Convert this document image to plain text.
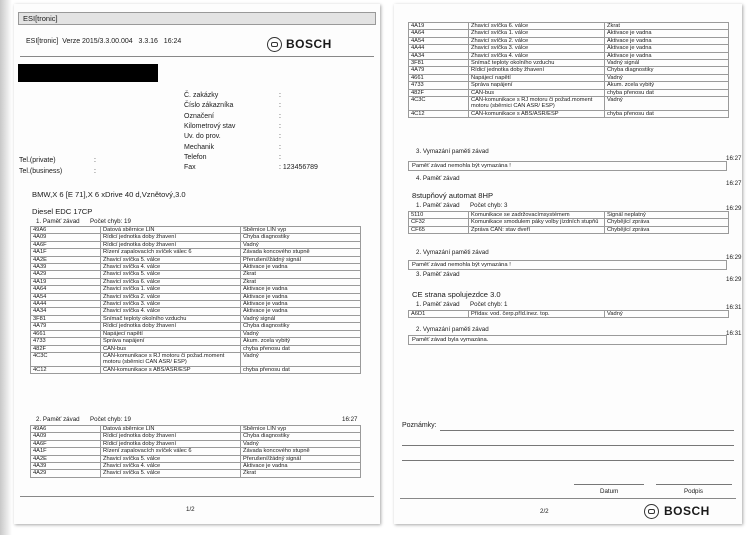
ESI[tronic]
ESI[tronic] Verze 2015/3.3.00.004 3.3.16 16:24	BOSCH
Č. zakázky	:
Číslo zákazníka	:
Označení	:
Kilometrový stav	:
Uv. do prov.	:
Mechanik	:
Telefon	:
Fax	: 123456789
Tel.(private)	:
Tel.(business)	:
BMW,X 6 [E 71],X 6 xDrive 40 d,Vznětový,3.0
Diesel EDC 17CP
1. Paměť závad Počet chyb: 19
49A6	Datová sběrnice LIN	Sběrnice LIN vyp
4A09	Řídicí jednotka doby žhavení	Chyba diagnostiky
4A6F	Řídicí jednotka doby žhavení	Vadný
4A1F	Řízení zapalovacích svíček válec 6	Závada koncového stupně
4A2E	Žhavicí svíčka 5. válce	Přerušení/žádný signál
4A39	Žhavicí svíčka 4. válce	Aktivace je vadna
4A29	Žhavicí svíčka 5. válce	Zkrat
4A19	Žhavicí svíčka 6. válce	Zkrat
4A64	Žhavicí svíčka 1. válce	Aktivace je vadna
4A54	Žhavicí svíčka 2. válce	Aktivace je vadna
4A44	Žhavicí svíčka 3. válce	Aktivace je vadna
4A34	Žhavicí svíčka 4. válce	Aktivace je vadna
3F81	Snímač teploty okolního vzduchu	Vadný signál
4A79	Řídicí jednotka doby žhavení	Chyba diagnostiky
4661	Napájecí napětí	Vadný
4733	Správa napájení	Akum. zcela vybitý
482F	CAN-bus	chyba přenosu dat
4C3C	CAN-komunikace s ŘJ motoru či požad.moment motoru (sběrnici CAN ASR/ ESP)	Vadný
4C12	CAN-komunikace s ABS/ASR/ESP	chyba přenosu dat
2. Paměť závad Počet chyb: 19	16:27
49A6	Datová sběrnice LIN	Sběrnice LIN vyp
4A09	Řídicí jednotka doby žhavení	Chyba diagnostiky
4A6F	Řídicí jednotka doby žhavení	Vadný
4A1F	Řízení zapalovacích svíček válec 6	Závada koncového stupně
4A2E	Žhavicí svíčka 5. válce	Přerušení/žádný signál
4A39	Žhavicí svíčka 4. válce	Aktivace je vadna
4A29	Žhavicí svíčka 5. válce	Zkrat
1/2
4A19	Žhavicí svíčka 6. válce	Zkrat
4A64	Žhavicí svíčka 1. válce	Aktivace je vadna
4A54	Žhavicí svíčka 2. válce	Aktivace je vadna
4A44	Žhavicí svíčka 3. válce	Aktivace je vadna
4A34	Žhavicí svíčka 4. válce	Aktivace je vadna
3F81	Snímač teploty okolního vzduchu	Vadný signál
4A79	Řídicí jednotka doby žhavení	Chyba diagnostiky
4661	Napájecí napětí	Vadný
4733	Správa napájení	Akum. zcela vybitý
482F	CAN-bus	chyba přenosu dat
4C3C	CAN-komunikace s ŘJ motoru či požad.moment motoru (sběrnici CAN ASR/ ESP)	Vadný
4C12	CAN-komunikace s ABS/ASR/ESP	chyba přenosu dat
3. Vymazání paměti závad
16:27
Paměť závad nemohla být vymazána !
4. Paměť závad
16:27
8stupňový automat 8HP
1. Paměť závad Počet chyb: 3	16:29
5110	Komunikace se zadržovacímsystémem	Signál neplatný
CF32	Komunikace smodulem páky volby jízdních stupňů	Chybějící zpráva
CF65	Zpráva CAN: stav dveří	Chybějící zpráva
2. Vymazání paměti závad
16:29
Paměť závad nemohla být vymazána !
3. Paměť závad
16:29
CE strana spolujezdce 3.0
1. Paměť závad Počet chyb: 1	16:31
A6D1	Přídav. vod. čerp.příd.inez. top.	Vadný
2. Vymazání paměti závad
16:31
Paměť závad byla vymazána.
Poznámky:
Datum	Podpis
2/2	BOSCH
